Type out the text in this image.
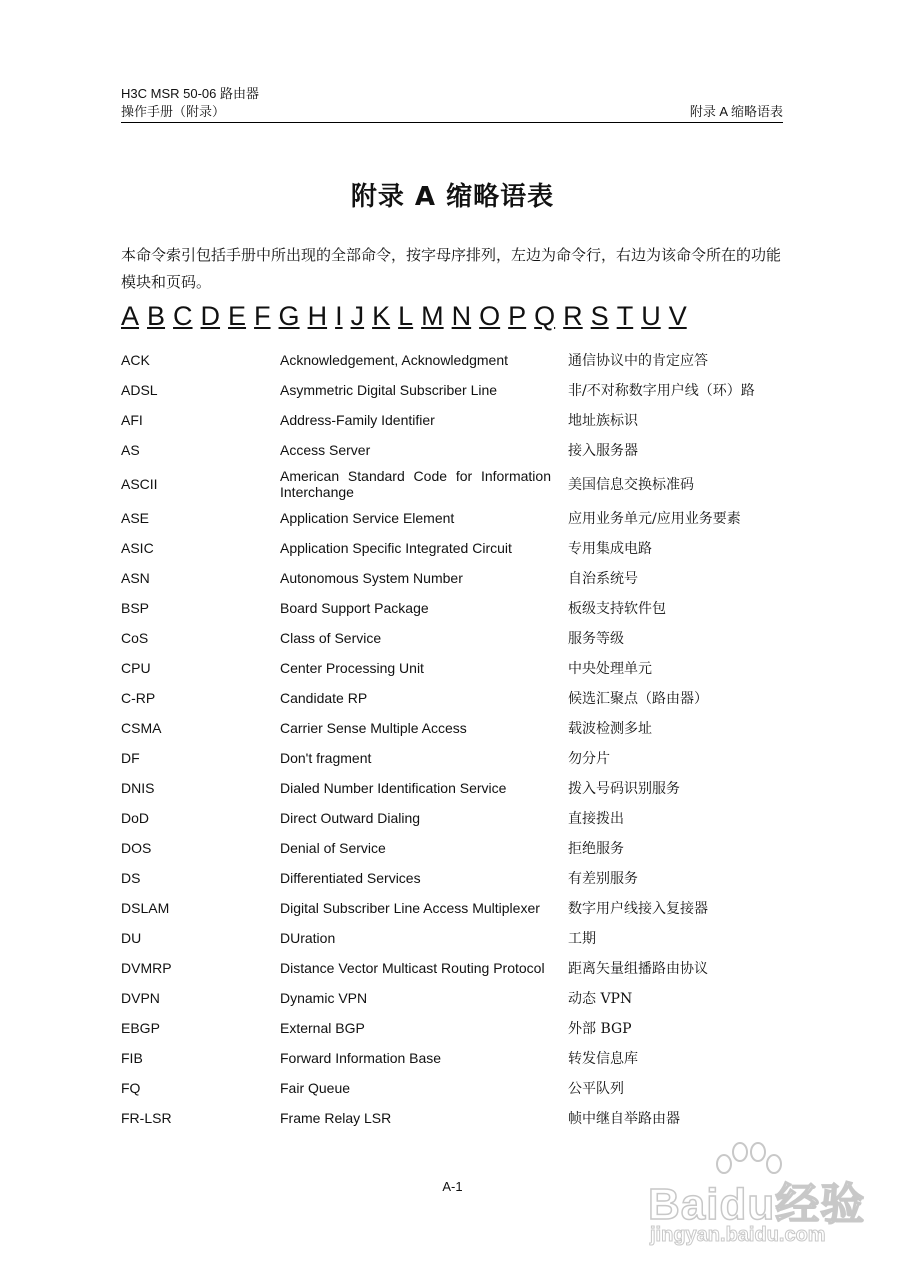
H3C MSR 50-06 路由器
操作手册（附录）	附录 A 缩略语表
附录 A 缩略语表
本命令索引包括手册中所出现的全部命令，按字母序排列，左边为命令行，右边为该命令所在的功能模块和页码。
A B C D E F G H I J K L M N O P Q R S T U V
ACK	Acknowledgement, Acknowledgment	通信协议中的肯定应答
ADSL	Asymmetric Digital Subscriber Line	非/不对称数字用户线（环）路
AFI	Address-Family Identifier	地址族标识
AS	Access Server	接入服务器
ASCII	American Standard Code for Information Interchange	美国信息交换标准码
ASE	Application Service Element	应用业务单元/应用业务要素
ASIC	Application Specific Integrated Circuit	专用集成电路
ASN	Autonomous System Number	自治系统号
BSP	Board Support Package	板级支持软件包
CoS	Class of Service	服务等级
CPU	Center Processing Unit	中央处理单元
C-RP	Candidate RP	候选汇聚点（路由器）
CSMA	Carrier Sense Multiple Access	载波检测多址
DF	Don't fragment	勿分片
DNIS	Dialed Number Identification Service	拨入号码识别服务
DoD	Direct Outward Dialing	直接拨出
DOS	Denial of Service	拒绝服务
DS	Differentiated Services	有差别服务
DSLAM	Digital Subscriber Line Access Multiplexer	数字用户线接入复接器
DU	DUration	工期
DVMRP	Distance Vector Multicast Routing Protocol	距离矢量组播路由协议
DVPN	Dynamic VPN	动态 VPN
EBGP	External BGP	外部 BGP
FIB	Forward Information Base	转发信息库
FQ	Fair Queue	公平队列
FR-LSR	Frame Relay LSR	帧中继自举路由器
A-1	Baidu经验
jingyan.baidu.com
